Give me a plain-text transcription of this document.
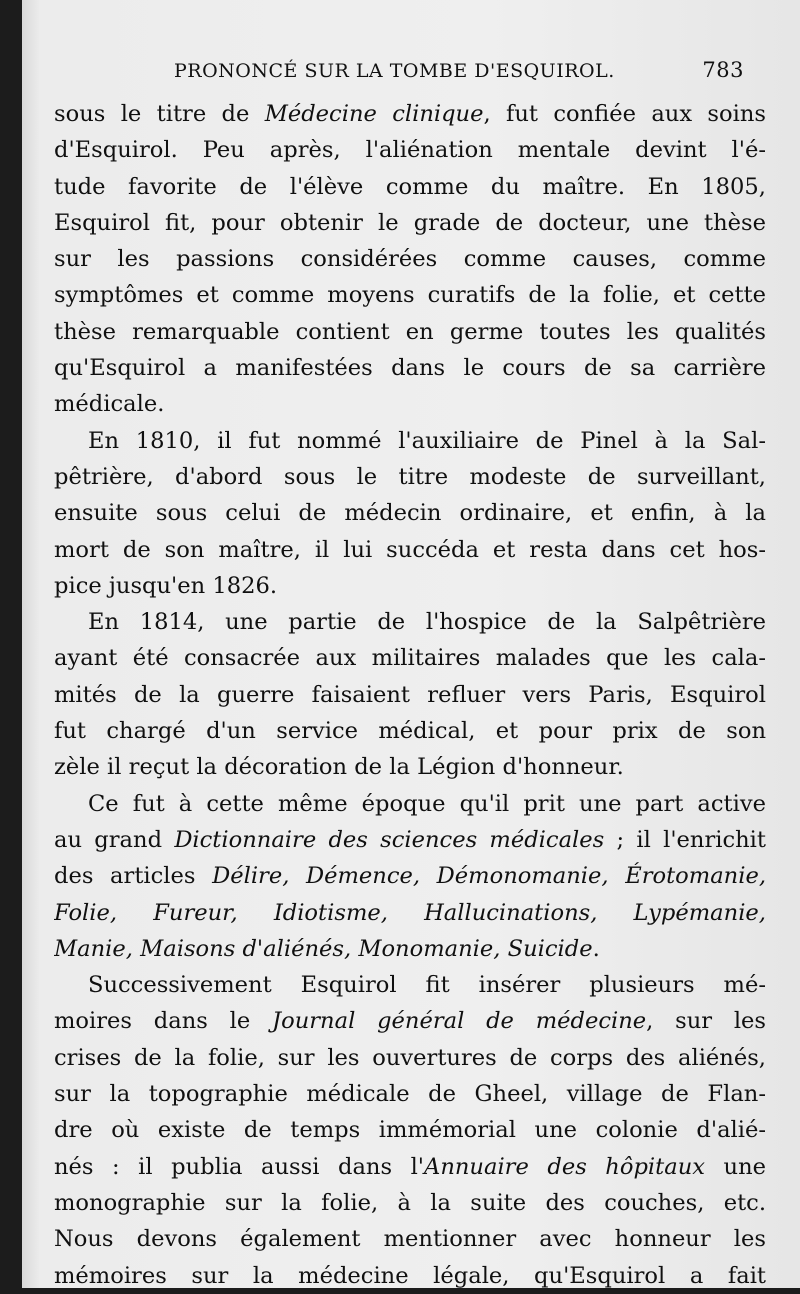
PRONONCÉ SUR LA TOMBE D'ESQUIROL.	783
sous le titre de Médecine clinique, fut confiée aux soins
d'Esquirol. Peu après, l'aliénation mentale devint l'é-
tude favorite de l'élève comme du maître. En 1805,
Esquirol fit, pour obtenir le grade de docteur, une thèse
sur les passions considérées comme causes, comme
symptômes et comme moyens curatifs de la folie, et cette
thèse remarquable contient en germe toutes les qualités
qu'Esquirol a manifestées dans le cours de sa carrière
médicale.
En 1810, il fut nommé l'auxiliaire de Pinel à la Sal-
pêtrière, d'abord sous le titre modeste de surveillant,
ensuite sous celui de médecin ordinaire, et enfin, à la
mort de son maître, il lui succéda et resta dans cet hos-
pice jusqu'en 1826.
En 1814, une partie de l'hospice de la Salpêtrière
ayant été consacrée aux militaires malades que les cala-
mités de la guerre faisaient refluer vers Paris, Esquirol
fut chargé d'un service médical, et pour prix de son
zèle il reçut la décoration de la Légion d'honneur.
Ce fut à cette même époque qu'il prit une part active
au grand Dictionnaire des sciences médicales ; il l'enrichit
des articles Délire, Démence, Démonomanie, Érotomanie,
Folie, Fureur, Idiotisme, Hallucinations, Lypémanie,
Manie, Maisons d'aliénés, Monomanie, Suicide.
Successivement Esquirol fit insérer plusieurs mé-
moires dans le Journal général de médecine, sur les
crises de la folie, sur les ouvertures de corps des aliénés,
sur la topographie médicale de Gheel, village de Flan-
dre où existe de temps immémorial une colonie d'alié-
nés : il publia aussi dans l'Annuaire des hôpitaux une
monographie sur la folie, à la suite des couches, etc.
Nous devons également mentionner avec honneur les
mémoires sur la médecine légale, qu'Esquirol a fait
